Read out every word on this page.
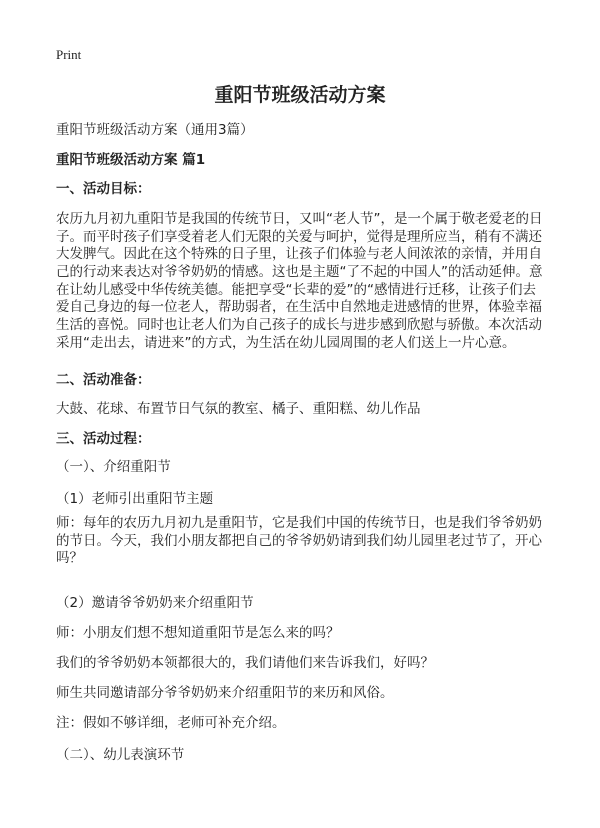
Print
重阳节班级活动方案
重阳节班级活动方案（通用3篇）
重阳节班级活动方案 篇1
一、活动目标：
农历九月初九重阳节是我国的传统节日，又叫“老人节”，是一个属于敬老爱老的日
子。而平时孩子们享受着老人们无限的关爱与呵护，觉得是理所应当，稍有不满还
大发脾气。因此在这个特殊的日子里，让孩子们体验与老人间浓浓的亲情，并用自
己的行动来表达对爷爷奶奶的情感。这也是主题“了不起的中国人”的活动延伸。意
在让幼儿感受中华传统美德。能把享受“长辈的爱”的“感情进行迁移，让孩子们去
爱自己身边的每一位老人，帮助弱者，在生活中自然地走进感情的世界，体验幸福
生活的喜悦。同时也让老人们为自己孩子的成长与进步感到欣慰与骄傲。本次活动
采用“走出去，请进来”的方式，为生活在幼儿园周围的老人们送上一片心意。
二、活动准备：
大鼓、花球、布置节日气氛的教室、橘子、重阳糕、幼儿作品
三、活动过程：
（一）、介绍重阳节
（1）老师引出重阳节主题
师：每年的农历九月初九是重阳节，它是我们中国的传统节日，也是我们爷爷奶奶
的节日。今天，我们小朋友都把自己的爷爷奶奶请到我们幼儿园里老过节了，开心
吗？
（2）邀请爷爷奶奶来介绍重阳节
师：小朋友们想不想知道重阳节是怎么来的吗？
我们的爷爷奶奶本领都很大的，我们请他们来告诉我们，好吗？
师生共同邀请部分爷爷奶奶来介绍重阳节的来历和风俗。
注：假如不够详细，老师可补充介绍。
（二）、幼儿表演环节
